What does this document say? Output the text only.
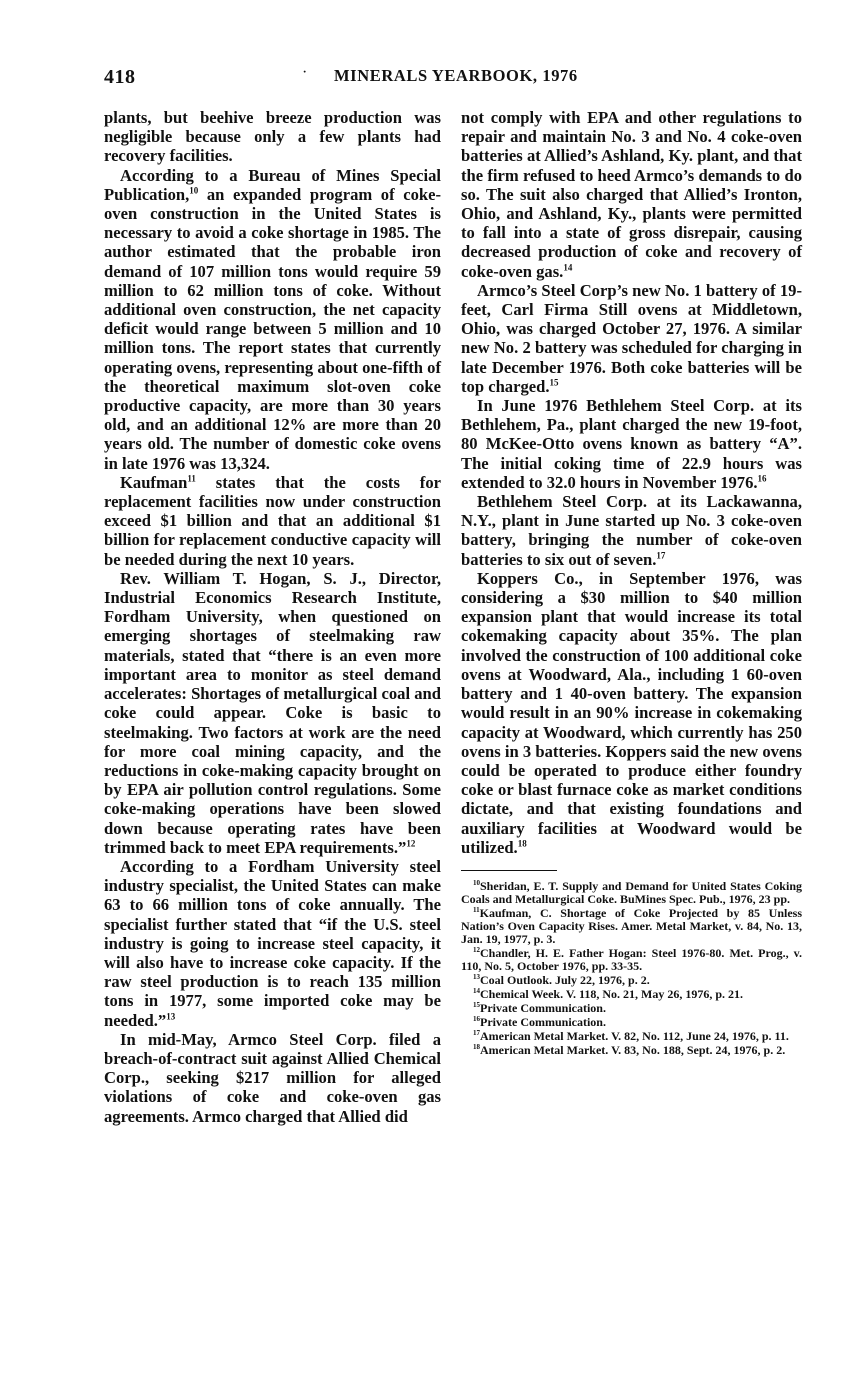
418	· MINERALS YEARBOOK, 1976

plants, but beehive breeze production was negligible because only a few plants had recovery facilities.

According to a Bureau of Mines Special Publication,$^{10}$ an expanded program of coke-oven construction in the United States is necessary to avoid a coke shortage in 1985. The author estimated that the probable iron demand of 107 million tons would require 59 million to 62 million tons of coke. Without additional oven construction, the net capacity deficit would range between 5 million and 10 million tons. The report states that currently operating ovens, representing about one-fifth of the theoretical maximum slot-oven coke productive capacity, are more than 30 years old, and an additional 12% are more than 20 years old. The number of domestic coke ovens in late 1976 was 13,324.

Kaufman$^{11}$ states that the costs for replacement facilities now under construction exceed $1 billion and that an additional $1 billion for replacement conductive capacity will be needed during the next 10 years.

Rev. William T. Hogan, S. J., Director, Industrial Economics Research Institute, Fordham University, when questioned on emerging shortages of steelmaking raw materials, stated that “there is an even more important area to monitor as steel demand accelerates: Shortages of metallurgical coal and coke could appear. Coke is basic to steelmaking. Two factors at work are the need for more coal mining capacity, and the reductions in coke-making capacity brought on by EPA air pollution control regulations. Some coke-making operations have been slowed down because operating rates have been trimmed back to meet EPA requirements.”$^{12}$

According to a Fordham University steel industry specialist, the United States can make 63 to 66 million tons of coke annually. The specialist further stated that “if the U.S. steel industry is going to increase steel capacity, it will also have to increase coke capacity. If the raw steel production is to reach 135 million tons in 1977, some imported coke may be needed.”$^{13}$

In mid-May, Armco Steel Corp. filed a breach-of-contract suit against Allied Chemical Corp., seeking $217 million for alleged violations of coke and coke-oven gas agreements. Armco charged that Allied did

not comply with EPA and other regulations to repair and maintain No. 3 and No. 4 coke-oven batteries at Allied’s Ashland, Ky. plant, and that the firm refused to heed Armco’s demands to do so. The suit also charged that Allied’s Ironton, Ohio, and Ashland, Ky., plants were permitted to fall into a state of gross disrepair, causing decreased production of coke and recovery of coke-oven gas.$^{14}$

Armco’s Steel Corp’s new No. 1 battery of 19-feet, Carl Firma Still ovens at Middletown, Ohio, was charged October 27, 1976. A similar new No. 2 battery was scheduled for charging in late December 1976. Both coke batteries will be top charged.$^{15}$

In June 1976 Bethlehem Steel Corp. at its Bethlehem, Pa., plant charged the new 19-foot, 80 McKee-Otto ovens known as battery “A”. The initial coking time of 22.9 hours was extended to 32.0 hours in November 1976.16

Bethlehem Steel Corp. at its Lackawanna, N.Y., plant in June started up No. 3 coke-oven battery, bringing the number of coke-oven batteries to six out of seven.$^{17}$

Koppers Co., in September 1976, was considering a $30 million to $40 million expansion plant that would increase its total cokemaking capacity about 35%. The plan involved the construction of 100 additional coke ovens at Woodward, Ala., including 1 60-oven battery and 1 40-oven battery. The expansion would result in an 90% increase in cokemaking capacity at Woodward, which currently has 250 ovens in 3 batteries. Koppers said the new ovens could be operated to produce either foundry coke or blast furnace coke as market conditions dictate, and that existing foundations and auxiliary facilities at Woodward would be utilized.$^{18}$

$^{10}$Sheridan, E. T. Supply and Demand for United States Coking Coals and Metallurgical Coke. BuMines Spec. Pub., 1976, 23 pp.

$^{11}$Kaufman, C. Shortage of Coke Projected by 85 Unless Nation’s Oven Capacity Rises. Amer. Metal Market, v. 84, No. 13, Jan. 19, 1977, p. 3.

$^{12}$Chandler, H. E. Father Hogan: Steel 1976-80. Met. Prog., v. 110, No. 5, October 1976, pp. 33-35.

$^{13}$Coal Outlook. July 22, 1976, p. 2.

$^{14}$Chemical Week. V. 118, No. 21, May 26, 1976, p. 21.

$^{15}$Private Communication.

$^{16}$Private Communication.

$^{17}$American Metal Market. V. 82, No. 112, June 24, 1976, p. 11.

$^{18}$American Metal Market. V. 83, No. 188, Sept. 24, 1976, p. 2.
